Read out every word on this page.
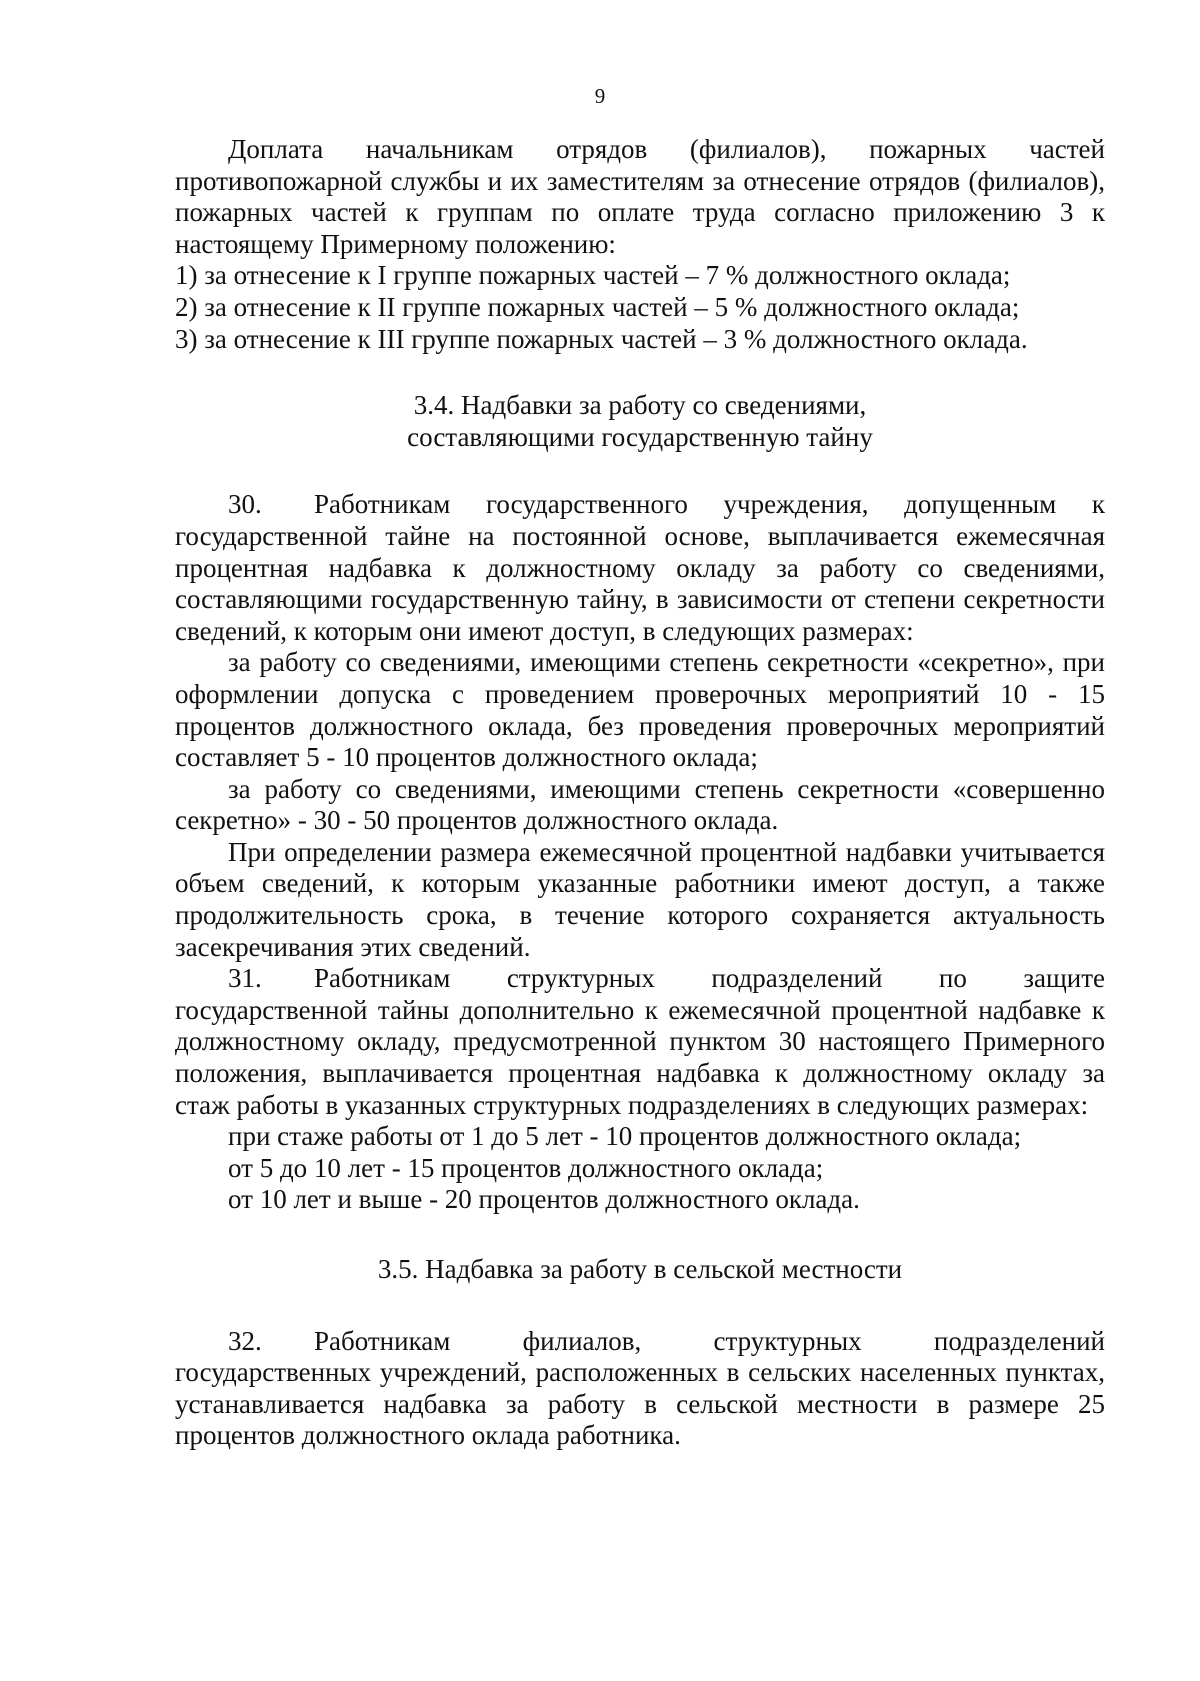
9

Доплата начальникам отрядов (филиалов), пожарных частей противопожарной службы и их заместителям за отнесение отрядов (филиалов), пожарных частей к группам по оплате труда согласно приложению 3 к настоящему Примерному положению:

1) за отнесение к I группе пожарных частей – 7 % должностного оклада;

2) за отнесение к II группе пожарных частей – 5 % должностного оклада;

3) за отнесение к III группе пожарных частей – 3 % должностного оклада.

3.4. Надбавки за работу со сведениями,

составляющими государственную тайну

30. Работникам государственного учреждения, допущенным к государственной тайне на постоянной основе, выплачивается ежемесячная процентная надбавка к должностному окладу за работу со сведениями, составляющими государственную тайну, в зависимости от степени секретности сведений, к которым они имеют доступ, в следующих размерах:

за работу со сведениями, имеющими степень секретности «секретно», при оформлении допуска с проведением проверочных мероприятий 10 - 15 процентов должностного оклада, без проведения проверочных мероприятий составляет 5 - 10 процентов должностного оклада;

за работу со сведениями, имеющими степень секретности «совершенно секретно» - 30 - 50 процентов должностного оклада.

При определении размера ежемесячной процентной надбавки учитывается объем сведений, к которым указанные работники имеют доступ, а также продолжительность срока, в течение которого сохраняется актуальность засекречивания этих сведений.

31. Работникам структурных подразделений по защите государственной тайны дополнительно к ежемесячной процентной надбавке к должностному окладу, предусмотренной пунктом 30 настоящего Примерного положения, выплачивается процентная надбавка к должностному окладу за стаж работы в указанных структурных подразделениях в следующих размерах:

при стаже работы от 1 до 5 лет - 10 процентов должностного оклада;

от 5 до 10 лет - 15 процентов должностного оклада;

от 10 лет и выше - 20 процентов должностного оклада.

3.5. Надбавка за работу в сельской местности

32. Работникам филиалов, структурных подразделений государственных учреждений, расположенных в сельских населенных пунктах, устанавливается надбавка за работу в сельской местности в размере 25 процентов должностного оклада работника.
